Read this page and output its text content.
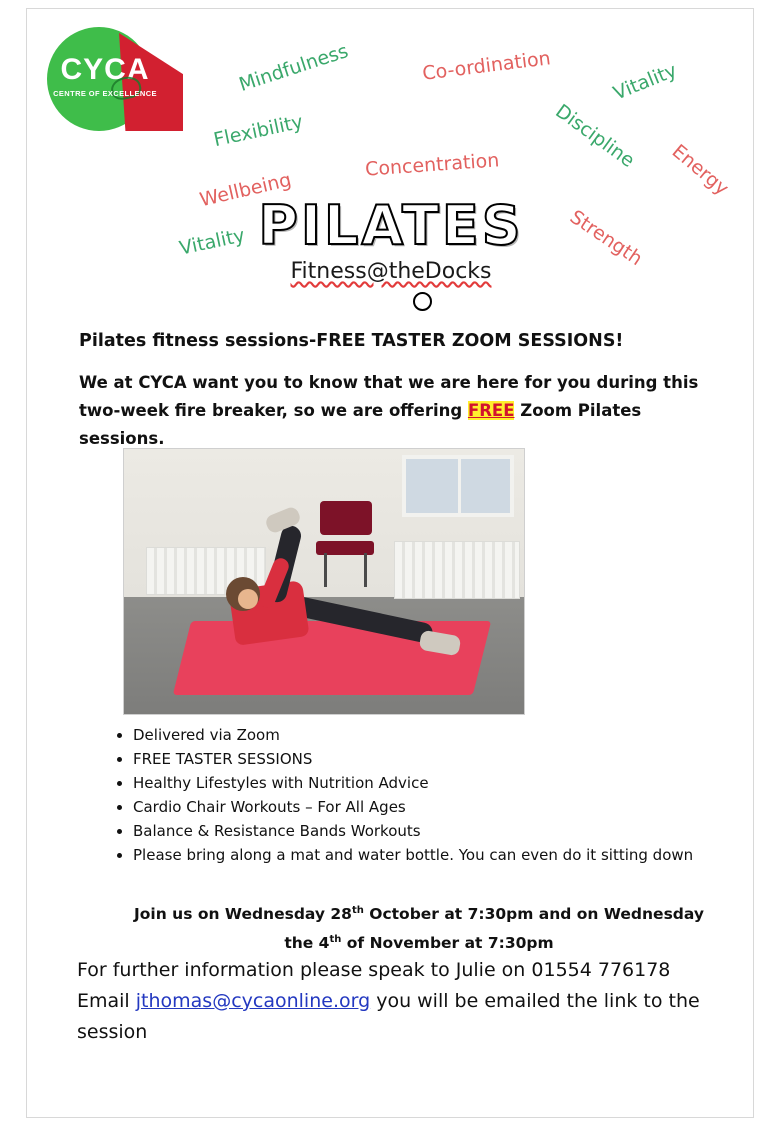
CYCA
CENTRE OF EXCELLENCE	Mindfulness	Co-ordination	Vitality
Flexibility
Concentration	Discipline Energy
Wellbeing
Strength
Vitality PILATES
Fitness@theDocks
Pilates fitness sessions-FREE TASTER ZOOM SESSIONS!
We at CYCA want you to know that we are here for you during this two-week fire breaker, so we are offering FREE Zoom Pilates sessions.
• Delivered via Zoom
• FREE TASTER SESSIONS
• Healthy Lifestyles with Nutrition Advice
• Cardio Chair Workouts – For All Ages
• Balance & Resistance Bands Workouts
• Please bring along a mat and water bottle. You can even do it sitting down
Join us on Wednesday 28th October at 7:30pm and on Wednesday the 4th of November at 7:30pm
For further information please speak to Julie on 01554 776178
Email jthomas@cycaonline.org you will be emailed the link to the
session
